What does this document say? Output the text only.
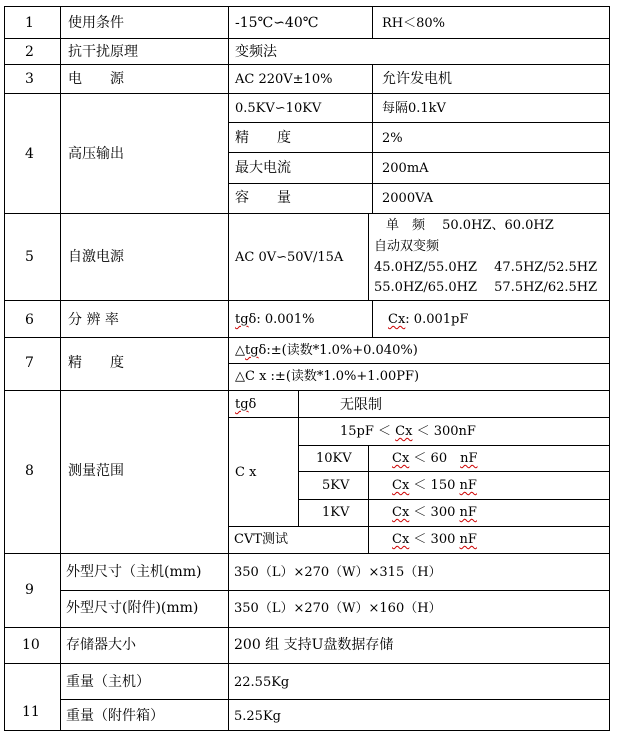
1 使用条件	-15℃∽40℃	RH＜80%
2 抗干扰原理	变频法
3 电　　源	AC 220V±10%	允许发电机
4 高压输出
0.5KV∽10KV	每隔0.1kV
精　　度	2%
最大电流	200mA
容　　量	2000VA
5 自激电源	AC 0V∽50V/15A
单　频　 50.0HZ、60.0HZ
自动双变频
45.0HZ/55.0HZ　 47.5HZ/52.5HZ
55.0HZ/65.0HZ　 57.5HZ/62.5HZ
6 分 辨 率	tgδ: 0.001%	Cx: 0.001pF
7 精　　度
△tgδ:±(读数*1.0%+0.040%)
△C x :±(读数*1.0%+1.00PF)
8 测量范围
tgδ	无限制
C x
15pF ＜ Cx ＜ 300nF
10KV	Cx ＜ 60　nF
5KV	Cx ＜ 150 nF
1KV	Cx ＜ 300 nF
CVT测试	Cx ＜ 300 nF
9
外型尺寸（主机(mm)	350（L）×270（W）×315（H）
外型尺寸(附件)(mm)	350（L）×270（W）×160（H）
10 存储器大小	200 组 支持U盘数据存储
11
重量（主机）	22.55Kg
重量（附件箱）	5.25Kg
